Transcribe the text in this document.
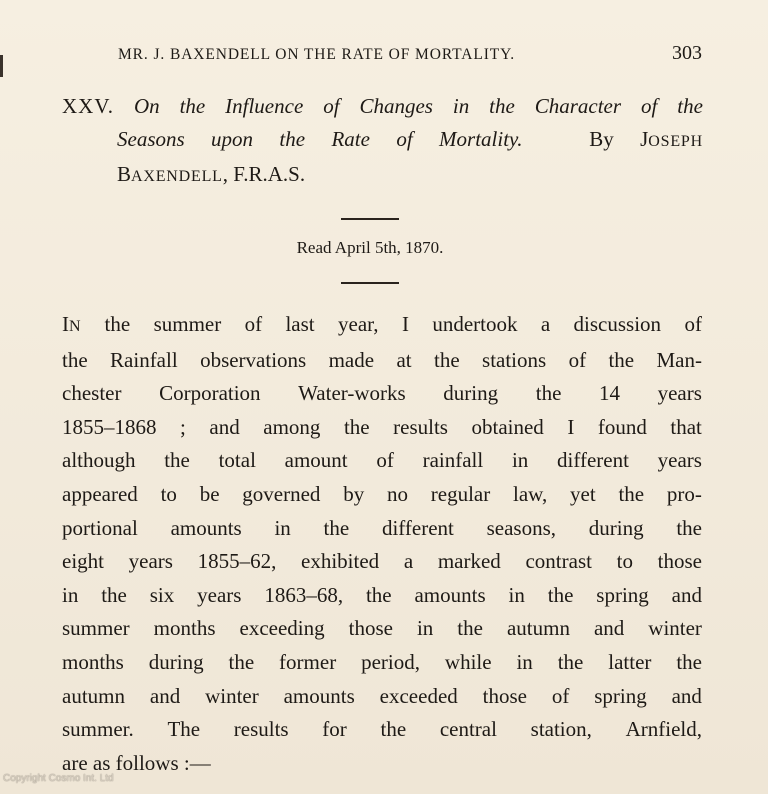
MR. J. BAXENDELL ON THE RATE OF MORTALITY.	303
XXV. On the Influence of Changes in the Character of the
Seasons upon the Rate of Mortality.	By JOSEPH
BAXENDELL, F.R.A.S.
Read April 5th, 1870.
IN the summer of last year, I undertook a discussion of
the Rainfall observations made at the stations of the Man-
chester Corporation Water-works during the 14 years
1855–1868 ; and among the results obtained I found that
although the total amount of rainfall in different years
appeared to be governed by no regular law, yet the pro-
portional amounts in the different seasons, during the
eight years 1855–62, exhibited a marked contrast to those
in the six years 1863–68, the amounts in the spring and
summer months exceeding those in the autumn and winter
months during the former period, while in the latter the
autumn and winter amounts exceeded those of spring and
summer. The results for the central station, Arnfield,
are as follows :—
Copyright Cosmo Int. Ltd
